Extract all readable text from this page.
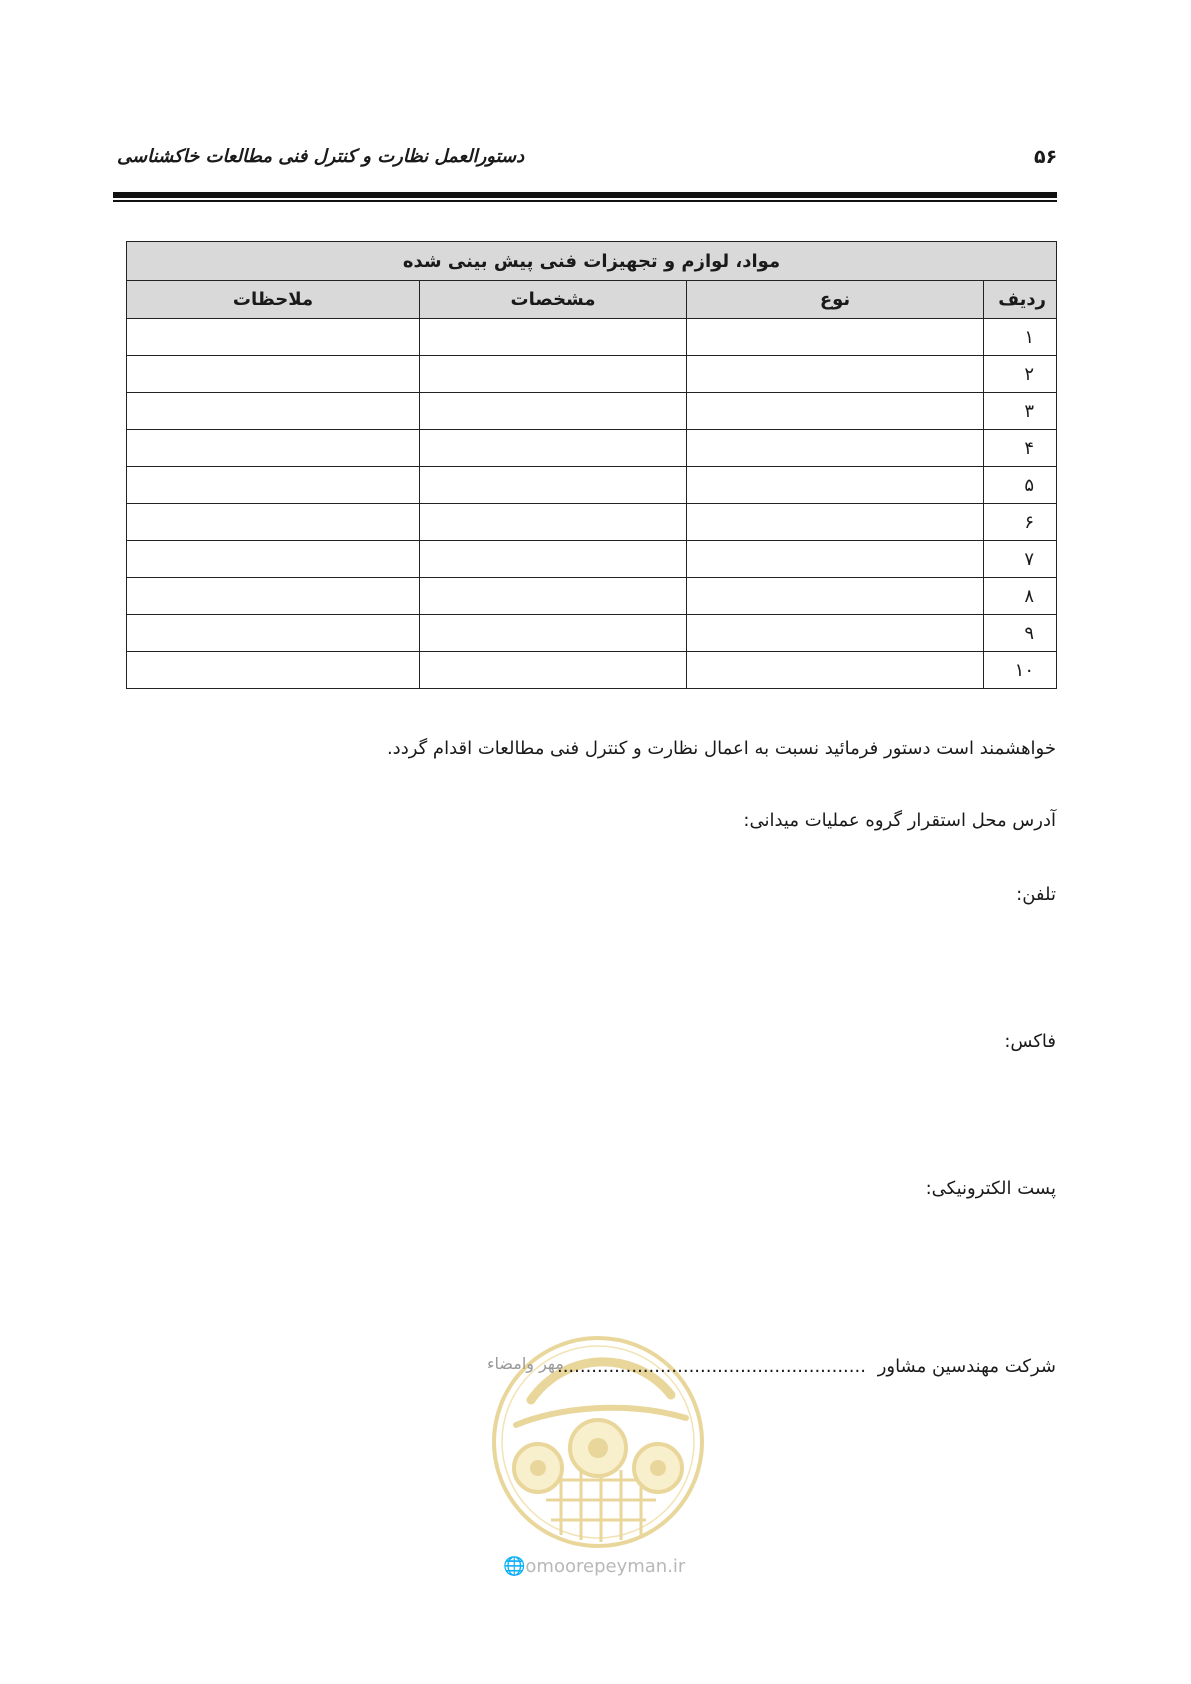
۵۶
دستورالعمل نظارت و کنترل فنی مطالعات خاکشناسی
مواد، لوازم و تجهیزات فنی پیش بینی شده			
ردیف	نوع	مشخصات	ملاحظات
۱			
۲			
۳			
۴			
۵			
۶			
۷			
۸			
۹			
۱۰			
خواهشمند است دستور فرمائید نسبت به اعمال نظارت و کنترل فنی مطالعات اقدام گردد.
آدرس محل استقرار گروه عملیات میدانی:
تلفن:
فاکس:
پست الکترونیکی:
شرکت مهندسین مشاور ......................................................
مهر وامضاء
🌐omoorepeyman.ir
